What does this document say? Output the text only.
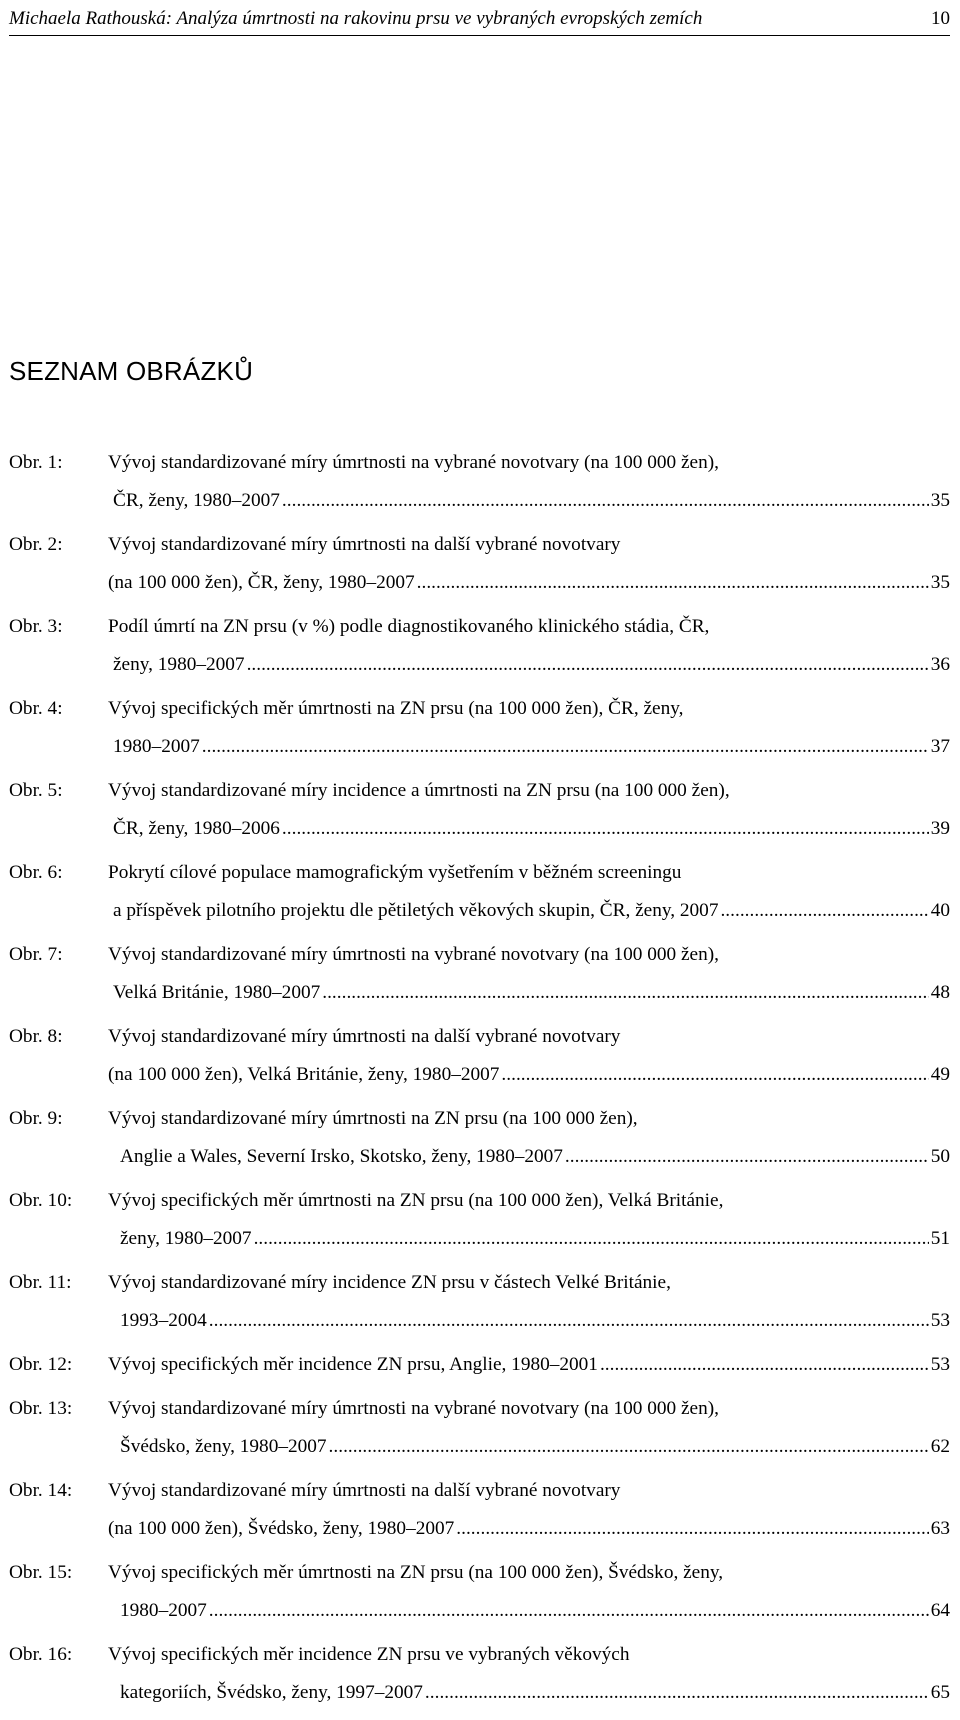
Michaela Rathouská: Analýza úmrtnosti na rakovinu prsu ve vybraných evropských zemích	10
SEZNAM OBRÁZKŮ
Obr. 1: Vývoj standardizované míry úmrtnosti na vybrané novotvary (na 100 000 žen),
ČR, ženy, 1980–2007 . . .	35
Obr. 2: Vývoj standardizované míry úmrtnosti na další vybrané novotvary
(na 100 000 žen), ČR, ženy, 1980–2007 . . .	35
Obr. 3: Podíl úmrtí na ZN prsu (v %) podle diagnostikovaného klinického stádia, ČR,
ženy, 1980–2007 . . .	36
Obr. 4: Vývoj specifických měr úmrtnosti na ZN prsu (na 100 000 žen), ČR, ženy,
1980–2007 . . .	37
Obr. 5: Vývoj standardizované míry incidence a úmrtnosti na ZN prsu (na 100 000 žen),
ČR, ženy, 1980–2006 . . .	39
Obr. 6: Pokrytí cílové populace mamografickým vyšetřením v běžném screeningu
a příspěvek pilotního projektu dle pětiletých věkových skupin, ČR, ženy, 2007 . . .	40
Obr. 7: Vývoj standardizované míry úmrtnosti na vybrané novotvary (na 100 000 žen),
Velká Británie, 1980–2007 . . .	48
Obr. 8: Vývoj standardizované míry úmrtnosti na další vybrané novotvary
(na 100 000 žen), Velká Británie, ženy, 1980–2007 . . .	49
Obr. 9: Vývoj standardizované míry úmrtnosti na ZN prsu (na 100 000 žen),
Anglie a Wales, Severní Irsko, Skotsko, ženy, 1980–2007 . . .	50
Obr. 10: Vývoj specifických měr úmrtnosti na ZN prsu (na 100 000 žen), Velká Británie,
ženy, 1980–2007 . . .	51
Obr. 11: Vývoj standardizované míry incidence ZN prsu v částech Velké Británie,
1993–2004 . . .	53
Obr. 12: Vývoj specifických měr incidence ZN prsu, Anglie, 1980–2001 . . .	53
Obr. 13: Vývoj standardizované míry úmrtnosti na vybrané novotvary (na 100 000 žen),
Švédsko, ženy, 1980–2007 . . .	62
Obr. 14: Vývoj standardizované míry úmrtnosti na další vybrané novotvary
(na 100 000 žen), Švédsko, ženy, 1980–2007 . . .	63
Obr. 15: Vývoj specifických měr úmrtnosti na ZN prsu (na 100 000 žen), Švédsko, ženy,
1980–2007 . . .	64
Obr. 16: Vývoj specifických měr incidence ZN prsu ve vybraných věkových
kategoriích, Švédsko, ženy, 1997–2007 . . .	65
